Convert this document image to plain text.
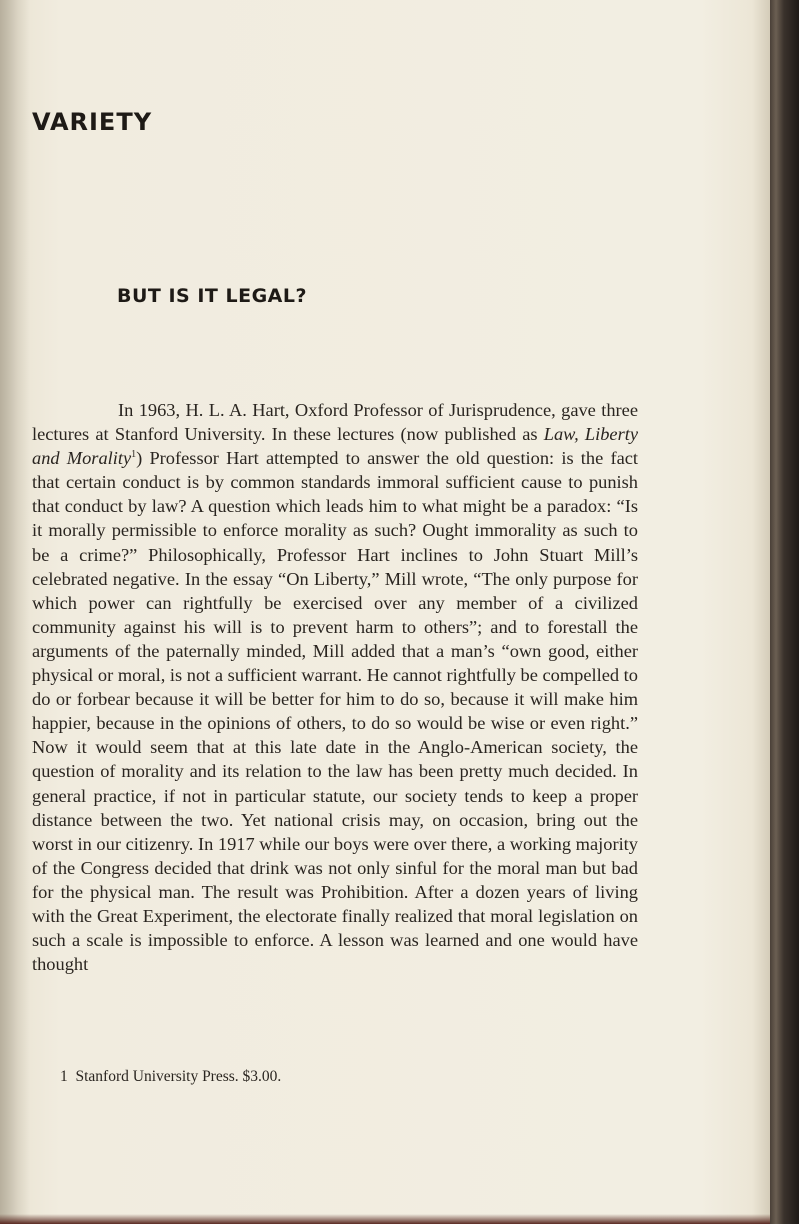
VARIETY
BUT IS IT LEGAL?

In 1963, H. L. A. Hart, Oxford Professor of Jurisprudence, gave three lectures at Stanford University. In these lectures (now published as Law, Liberty and Morality$^1$) Professor Hart attempted to answer the old question: is the fact that certain conduct is by common standards immoral sufficient cause to punish that conduct by law? A question which leads him to what might be a paradox: “Is it morally permissible to enforce morality as such? Ought immorality as such to be a crime?” Philosophically, Professor Hart inclines to John Stuart Mill’s celebrated negative. In the essay “On Liberty,” Mill wrote, “The only purpose for which power can rightfully be exercised over any member of a civilized community against his will is to prevent harm to others”; and to forestall the arguments of the paternally minded, Mill added that a man’s “own good, either physical or moral, is not a sufficient warrant. He cannot rightfully be compelled to do or forbear because it will be better for him to do so, because it will make him happier, because in the opinions of others, to do so would be wise or even right.” Now it would seem that at this late date in the Anglo-American society, the question of morality and its relation to the law has been pretty much decided. In general practice, if not in particular statute, our society tends to keep a proper distance between the two. Yet national crisis may, on occasion, bring out the worst in our citizenry. In 1917 while our boys were over there, a working majority of the Congress decided that drink was not only sinful for the moral man but bad for the physical man. The result was Prohibition. After a dozen years of living with the Great Experiment, the electorate finally realized that moral legislation on such a scale is impossible to enforce. A lesson was learned and one would have thought

1 Stanford University Press. $3.00.
